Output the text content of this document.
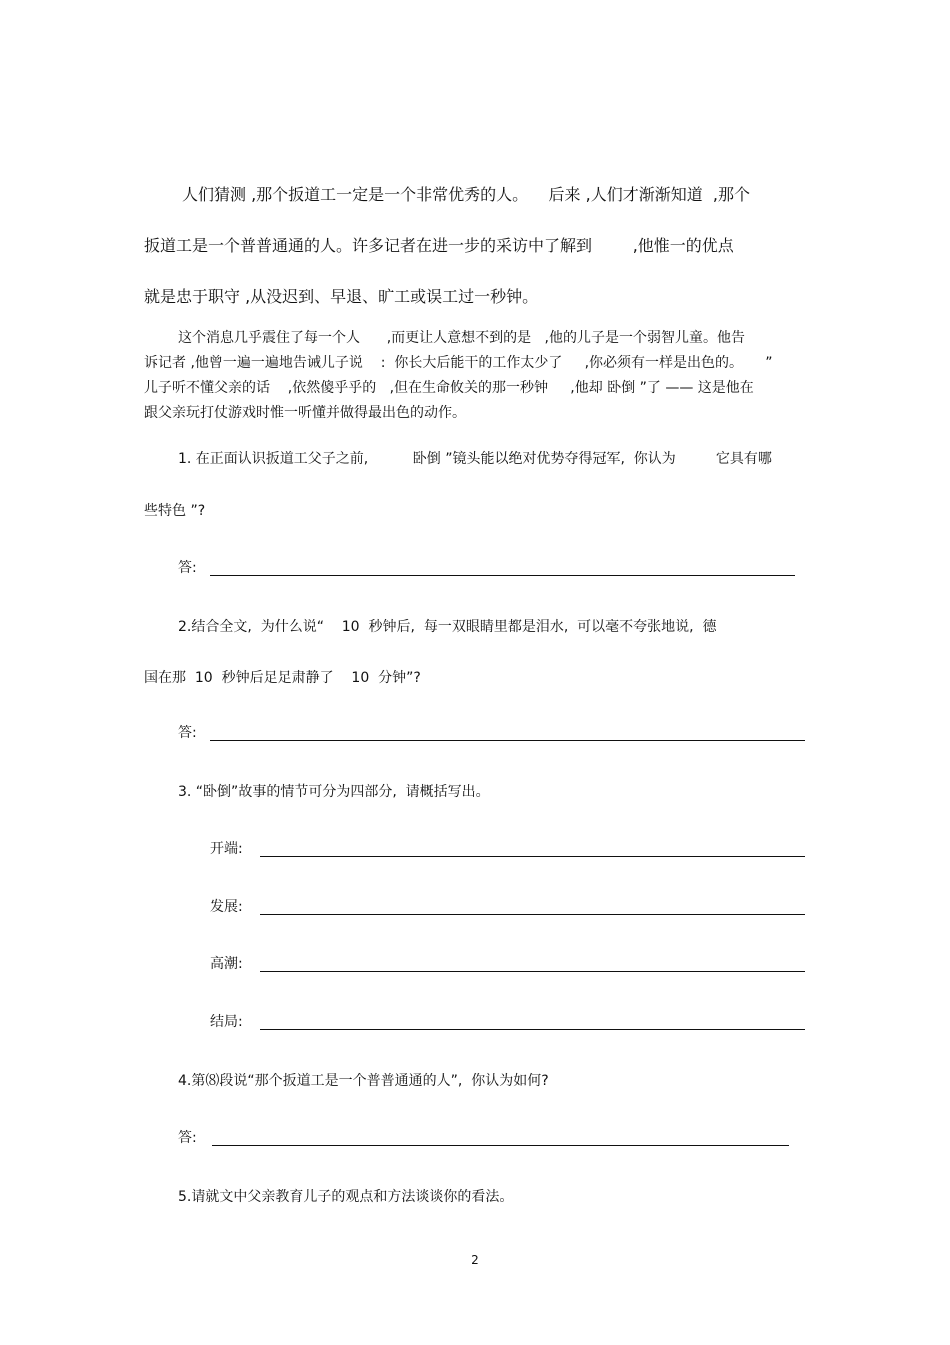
人们猜测 ,那个扳道工一定是一个非常优秀的人。    后来 ,人们才渐渐知道  ,那个
扳道工是一个普普通通的人。许多记者在进一步的采访中了解到        ,他惟一的优点
就是忠于职守 ,从没迟到、早退、旷工或误工过一秒钟。
这个消息几乎震住了每一个人      ,而更让人意想不到的是   ,他的儿子是一个弱智儿童。他告
诉记者 ,他曾一遍一遍地告诫儿子说    :  你长大后能干的工作太少了     ,你必须有一样是出色的。     ”
儿子听不懂父亲的话    ,依然傻乎乎的   ,但在生命攸关的那一秒钟     ,他却 卧倒 ”了 —— 这是他在
跟父亲玩打仗游戏时惟一听懂并做得最出色的动作。
1. 在正面认识扳道工父子之前,          卧倒 ”镜头能以绝对优势夺得冠军,  你认为         它具有哪
些特色 ”?
答:
2.结合全文,  为什么说“    10  秒钟后,  每一双眼睛里都是泪水,  可以毫不夸张地说,  德
国在那  10  秒钟后足足肃静了    10  分钟”?
答:
3. “卧倒”故事的情节可分为四部分,  请概括写出。
开端:
发展:
高潮:
结局:
4.第⑻段说“那个扳道工是一个普普通通的人”,  你认为如何?
答:
5.请就文中父亲教育儿子的观点和方法谈谈你的看法。
2
